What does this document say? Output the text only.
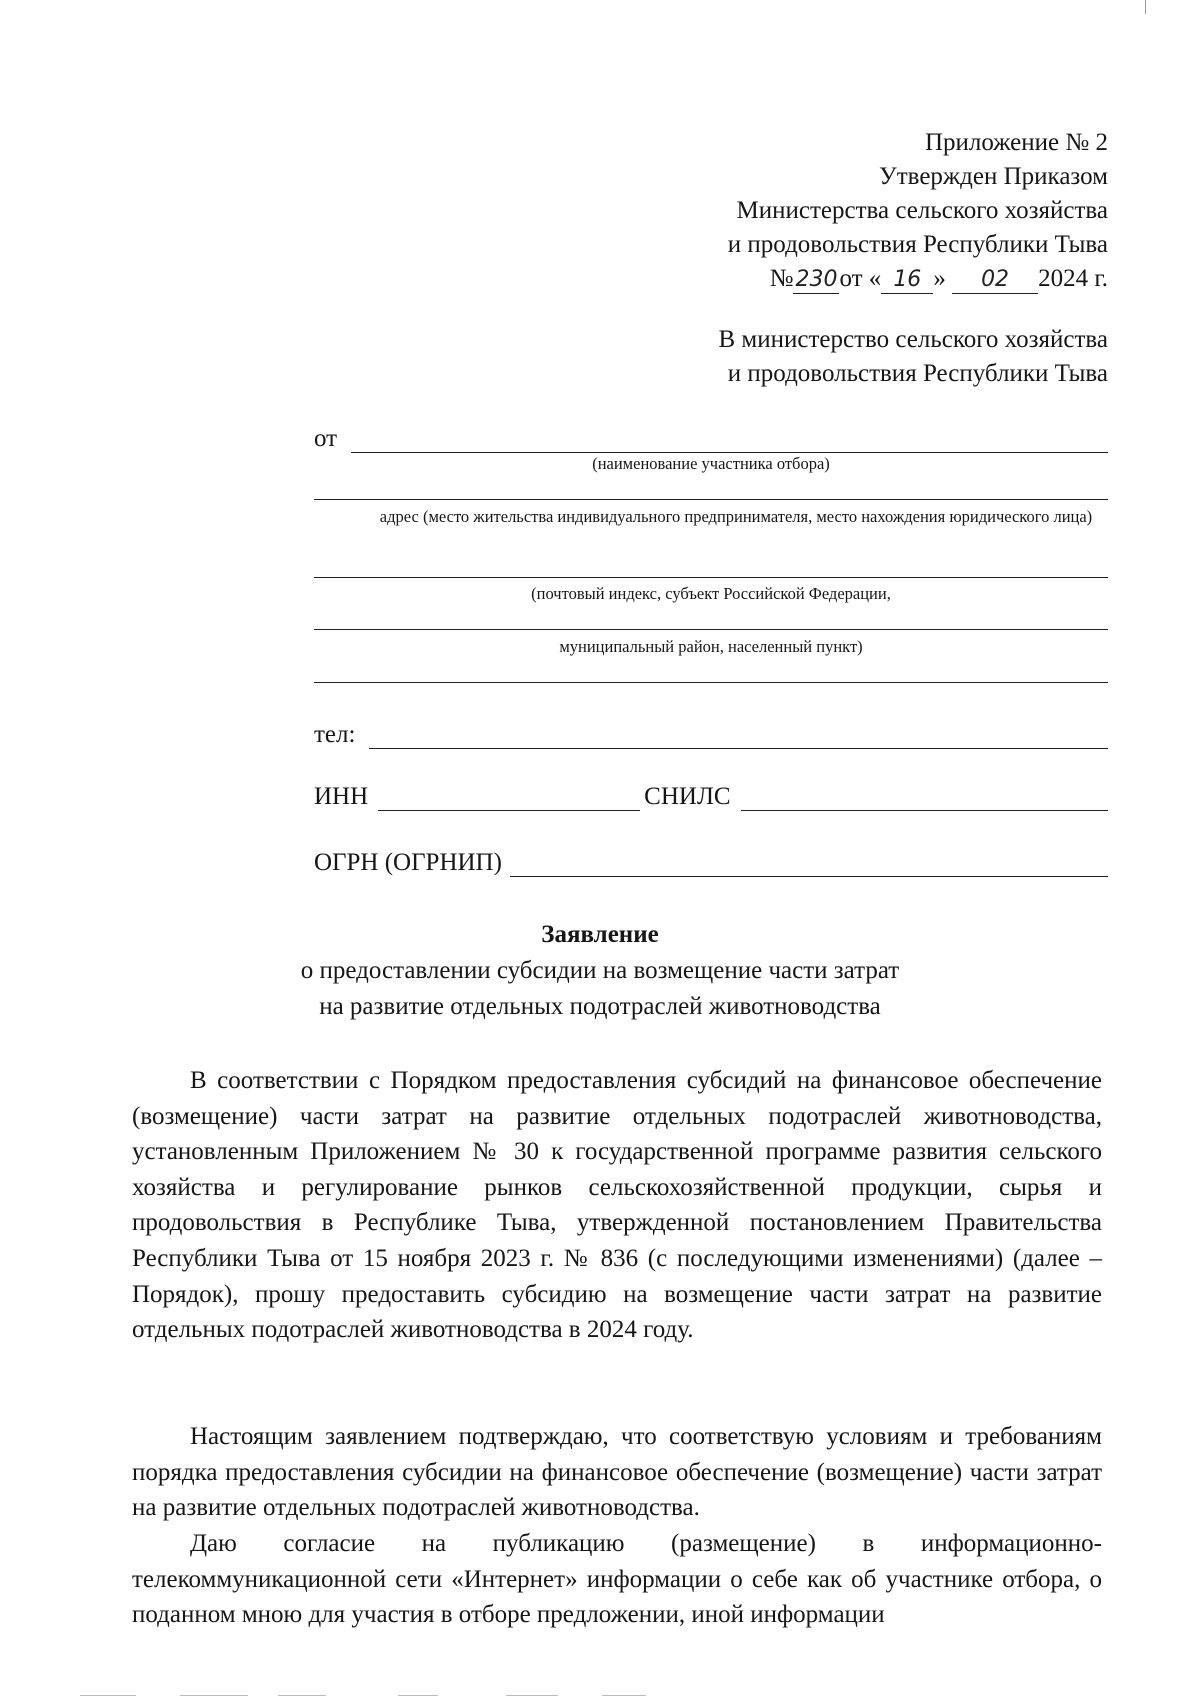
Приложение № 2
Утвержден Приказом
Министерства сельского хозяйства
и продовольствия Республики Тыва
№230от « 16 » 02 2024 г.
В министерство сельского хозяйства
и продовольствия Республики Тыва
от
(наименование участника отбора)
адрес (место жительства индивидуального предпринимателя, место нахождения юридического лица)
(почтовый индекс, субъект Российской Федерации,
муниципальный район, населенный пункт)
тел:
ИНН	СНИЛС
ОГРН (ОГРНИП)
Заявление
о предоставлении субсидии на возмещение части затрат
на развитие отдельных подотраслей животноводства
В соответствии с Порядком предоставления субсидий на финансовое обеспечение (возмещение) части затрат на развитие отдельных подотраслей животноводства, установленным Приложением № 30 к государственной программе развития сельского хозяйства и регулирование рынков сельскохозяйственной продукции, сырья и продовольствия в Республике Тыва, утвержденной постановлением Правительства Республики Тыва от 15 ноября 2023 г. № 836 (с последующими изменениями) (далее – Порядок), прошу предоставить субсидию на возмещение части затрат на развитие отдельных подотраслей животноводства в 2024 году.
Настоящим заявлением подтверждаю, что соответствую условиям и требованиям порядка предоставления субсидии на финансовое обеспечение (возмещение) части затрат на развитие отдельных подотраслей животноводства.
Даю согласие на публикацию (размещение) в информационно-телекоммуникационной сети «Интернет» информации о себе как об участнике отбора, о поданном мною для участия в отборе предложении, иной информации
